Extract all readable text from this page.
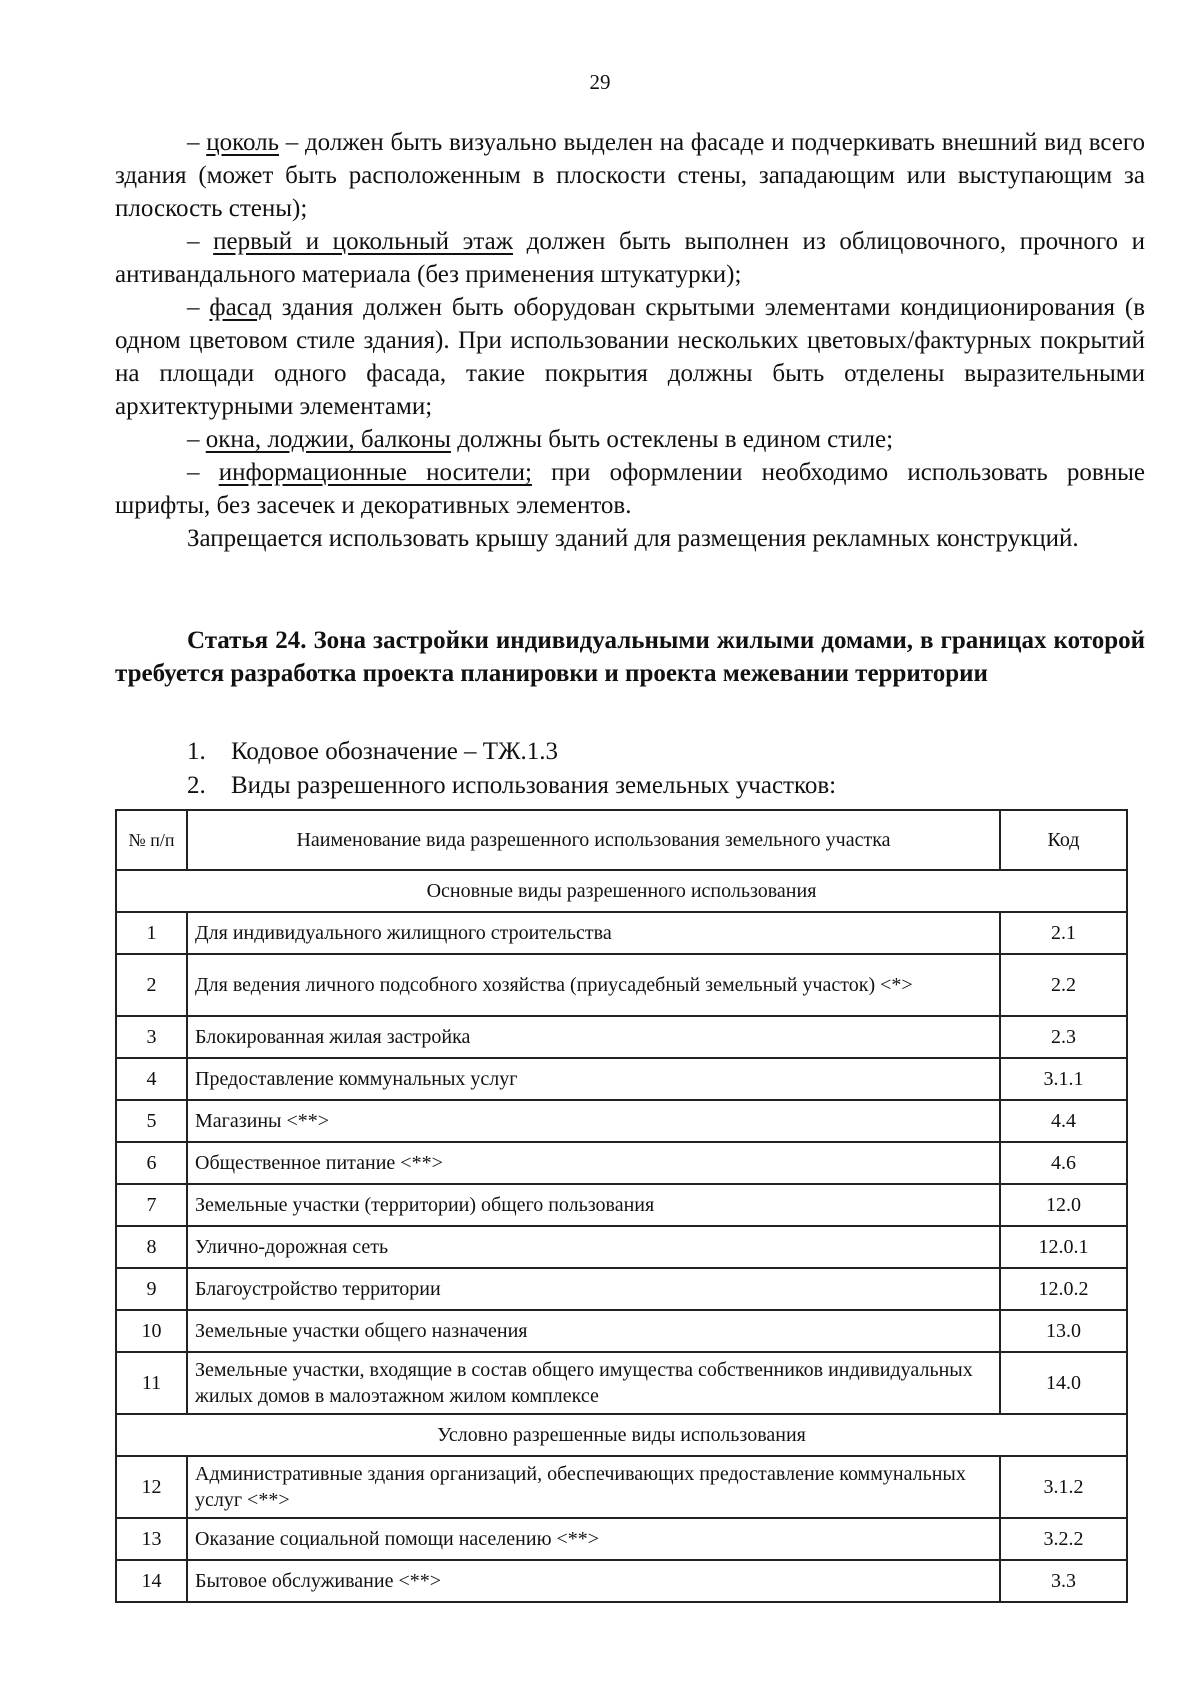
29

– цоколь – должен быть визуально выделен на фасаде и подчеркивать внешний вид всего здания (может быть расположенным в плоскости стены, западающим или выступающим за плоскость стены);

– первый и цокольный этаж должен быть выполнен из облицовочного, прочного и антивандального материала (без применения штукатурки);

– фасад здания должен быть оборудован скрытыми элементами кондиционирования (в одном цветовом стиле здания). При использовании нескольких цветовых/фактурных покрытий на площади одного фасада, такие покрытия должны быть отделены выразительными архитектурными элементами;

– окна, лоджии, балконы должны быть остеклены в едином стиле;

– информационные носители; при оформлении необходимо использовать ровные шрифты, без засечек и декоративных элементов.

Запрещается использовать крышу зданий для размещения рекламных конструкций.

Статья 24. Зона застройки индивидуальными жилыми домами, в границах которой требуется разработка проекта планировки и проекта межевании территории
1. Кодовое обозначение – ТЖ.1.3
2. Виды разрешенного использования земельных участков:
№ п/п	Наименование вида разрешенного использования земельного участка	Код
Основные виды разрешенного использования		
1	Для индивидуального жилищного строительства	2.1
2	Для ведения личного подсобного хозяйства (приусадебный земельный участок) <*>	2.2
3	Блокированная жилая застройка	2.3
4	Предоставление коммунальных услуг	3.1.1
5	Магазины <**>	4.4
6	Общественное питание <**>	4.6
7	Земельные участки (территории) общего пользования	12.0
8	Улично-дорожная сеть	12.0.1
9	Благоустройство территории	12.0.2
10	Земельные участки общего назначения	13.0
11	Земельные участки, входящие в состав общего имущества собственников индивидуальных жилых домов в малоэтажном жилом комплексе	14.0
Условно разрешенные виды использования		
12	Административные здания организаций, обеспечивающих предоставление коммунальных услуг <**>	3.1.2
13	Оказание социальной помощи населению <**>	3.2.2
14	Бытовое обслуживание <**>	3.3
